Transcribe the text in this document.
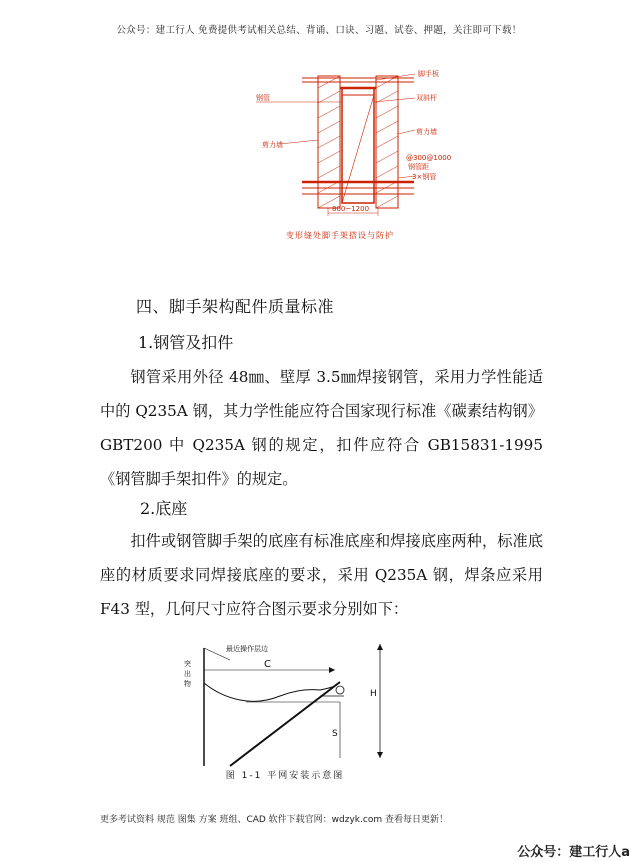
公众号：建工行人 免费提供考试相关总结、背诵、口诀、习题、试卷、押题，关注即可下载！
800~1200
脚手板
钢管	双斜杆
剪力墙
剪力墙
@300@1000
钢管距
3×钢管
变形缝处脚手架搭设与防护
四、脚手架构配件质量标准
1.钢管及扣件

钢管采用外径 48㎜、壁厚 3.5㎜焊接钢管，采用力学性能适中的 Q235A 钢，其力学性能应符合国家现行标准《碳素结构钢》GBT200 中 Q235A 钢的规定，扣件应符合 GB15831-1995《钢管脚手架扣件》的规定。

2.底座

扣件或钢管脚手架的底座有标准底座和焊接底座两种，标准底座的材质要求同焊接底座的要求，采用 Q235A 钢，焊条应采用 F43 型，几何尺寸应符合图示要求分别如下：

最近操作层边
突
出
物
C
S
H
图 1-1 平网安装示意图
更多考试资料 规范 图集 方案 班组、CAD 软件下载官网：wdzyk.com 查看每日更新！
公众号：建工行人a
